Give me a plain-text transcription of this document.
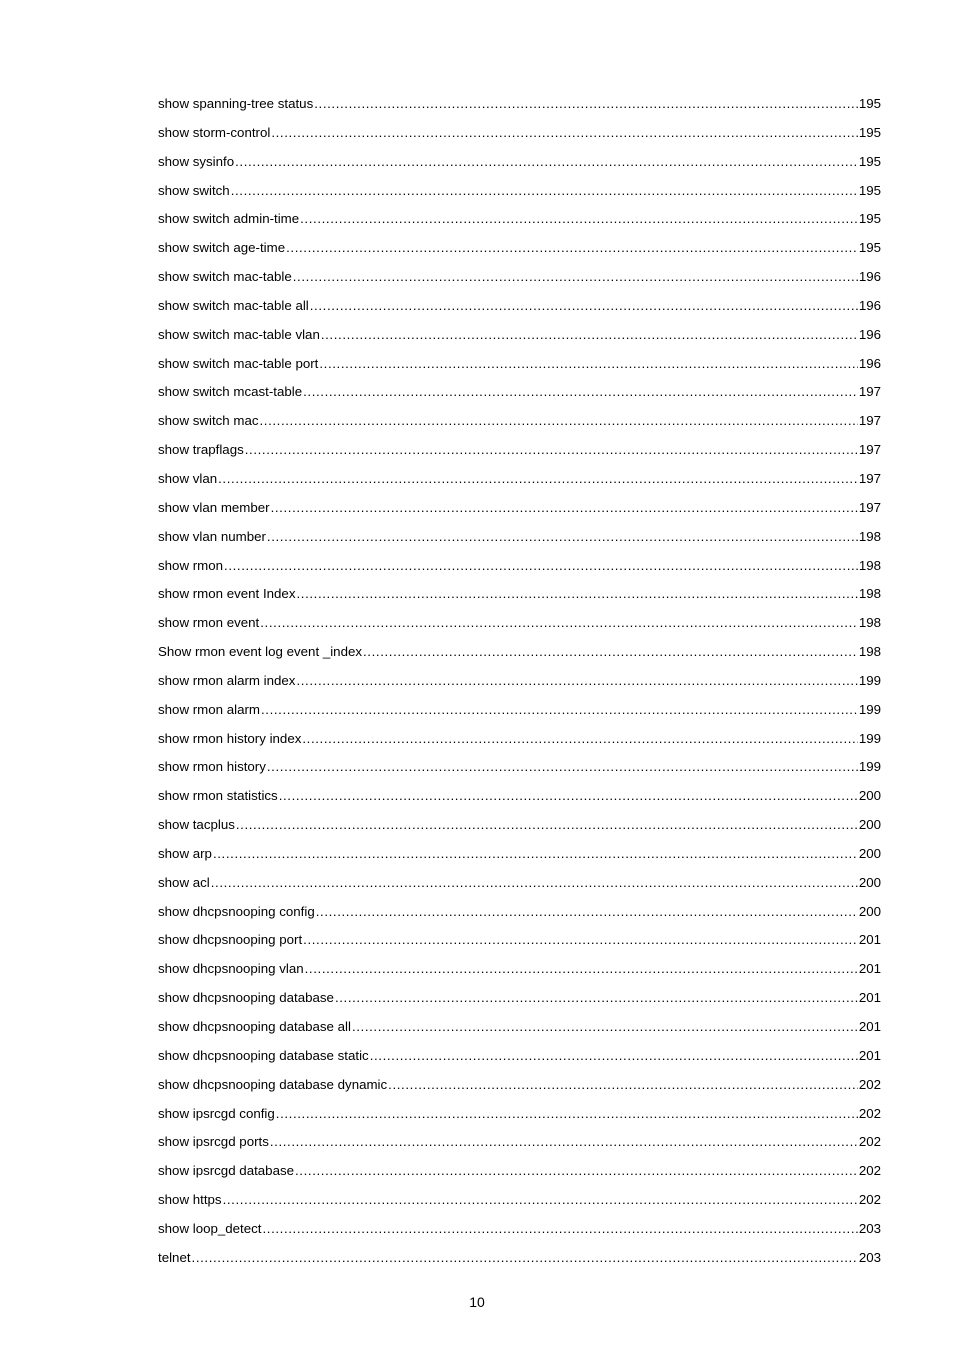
show spanning-tree status .....	195
show storm-control .....	195
show sysinfo .....	195
show switch .....	195
show switch admin-time .....	195
show switch age-time .....	195
show switch mac-table .....	196
show switch mac-table all .....	196
show switch mac-table vlan .....	196
show switch mac-table port .....	196
show switch mcast-table .....	197
show switch mac .....	197
show trapflags .....	197
show vlan .....	197
show vlan member .....	197
show vlan number .....	198
show rmon .....	198
show rmon event Index .....	198
show rmon event .....	198
Show rmon event log event _index .....	198
show rmon alarm index .....	199
show rmon alarm .....	199
show rmon history index .....	199
show rmon history .....	199
show rmon statistics .....	200
show tacplus .....	200
show arp .....	200
show acl .....	200
show dhcpsnooping config .....	200
show dhcpsnooping port .....	201
show dhcpsnooping vlan .....	201
show dhcpsnooping database .....	201
show dhcpsnooping database all .....	201
show dhcpsnooping database static .....	201
show dhcpsnooping database dynamic .....	202
show ipsrcgd config .....	202
show ipsrcgd ports .....	202
show ipsrcgd database .....	202
show https .....	202
show loop_detect .....	203
telnet .....	203
10
